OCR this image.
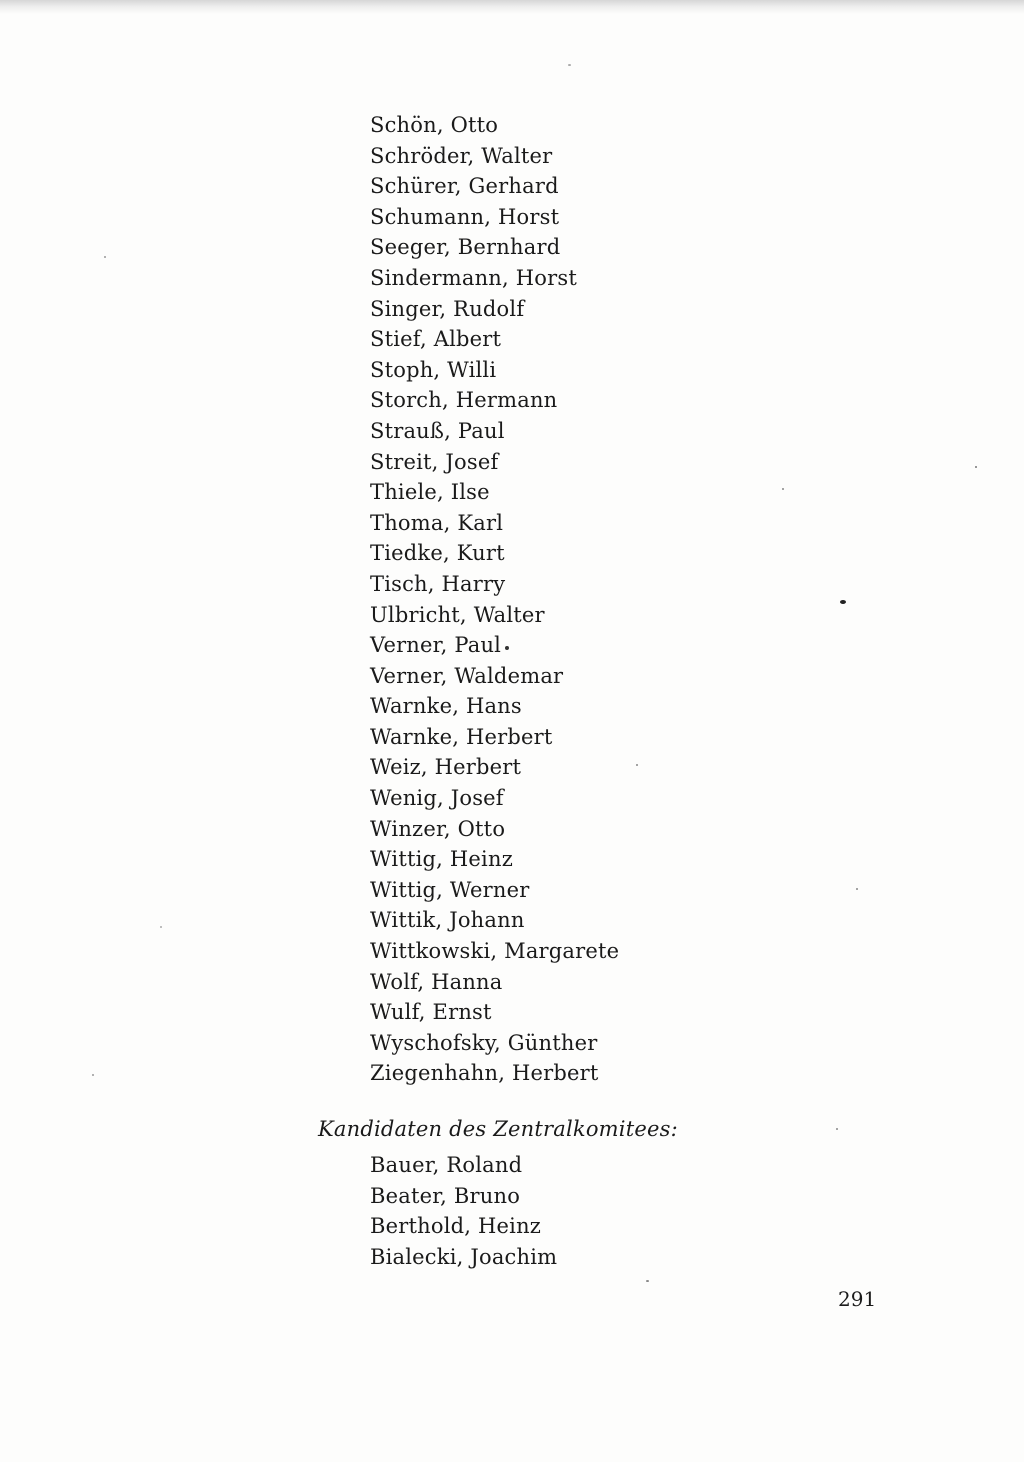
Schön, Otto
Schröder, Walter
Schürer, Gerhard
Schumann, Horst
Seeger, Bernhard
Sindermann, Horst
Singer, Rudolf
Stief, Albert
Stoph, Willi
Storch, Hermann
Strauß, Paul
Streit, Josef
Thiele, Ilse
Thoma, Karl
Tiedke, Kurt
Tisch, Harry
Ulbricht, Walter
Verner, Paul
Verner, Waldemar
Warnke, Hans
Warnke, Herbert
Weiz, Herbert
Wenig, Josef
Winzer, Otto
Wittig, Heinz
Wittig, Werner
Wittik, Johann
Wittkowski, Margarete
Wolf, Hanna
Wulf, Ernst
Wyschofsky, Günther
Ziegenhahn, Herbert
Kandidaten des Zentralkomitees:
Bauer, Roland
Beater, Bruno
Berthold, Heinz
Bialecki, Joachim
291
